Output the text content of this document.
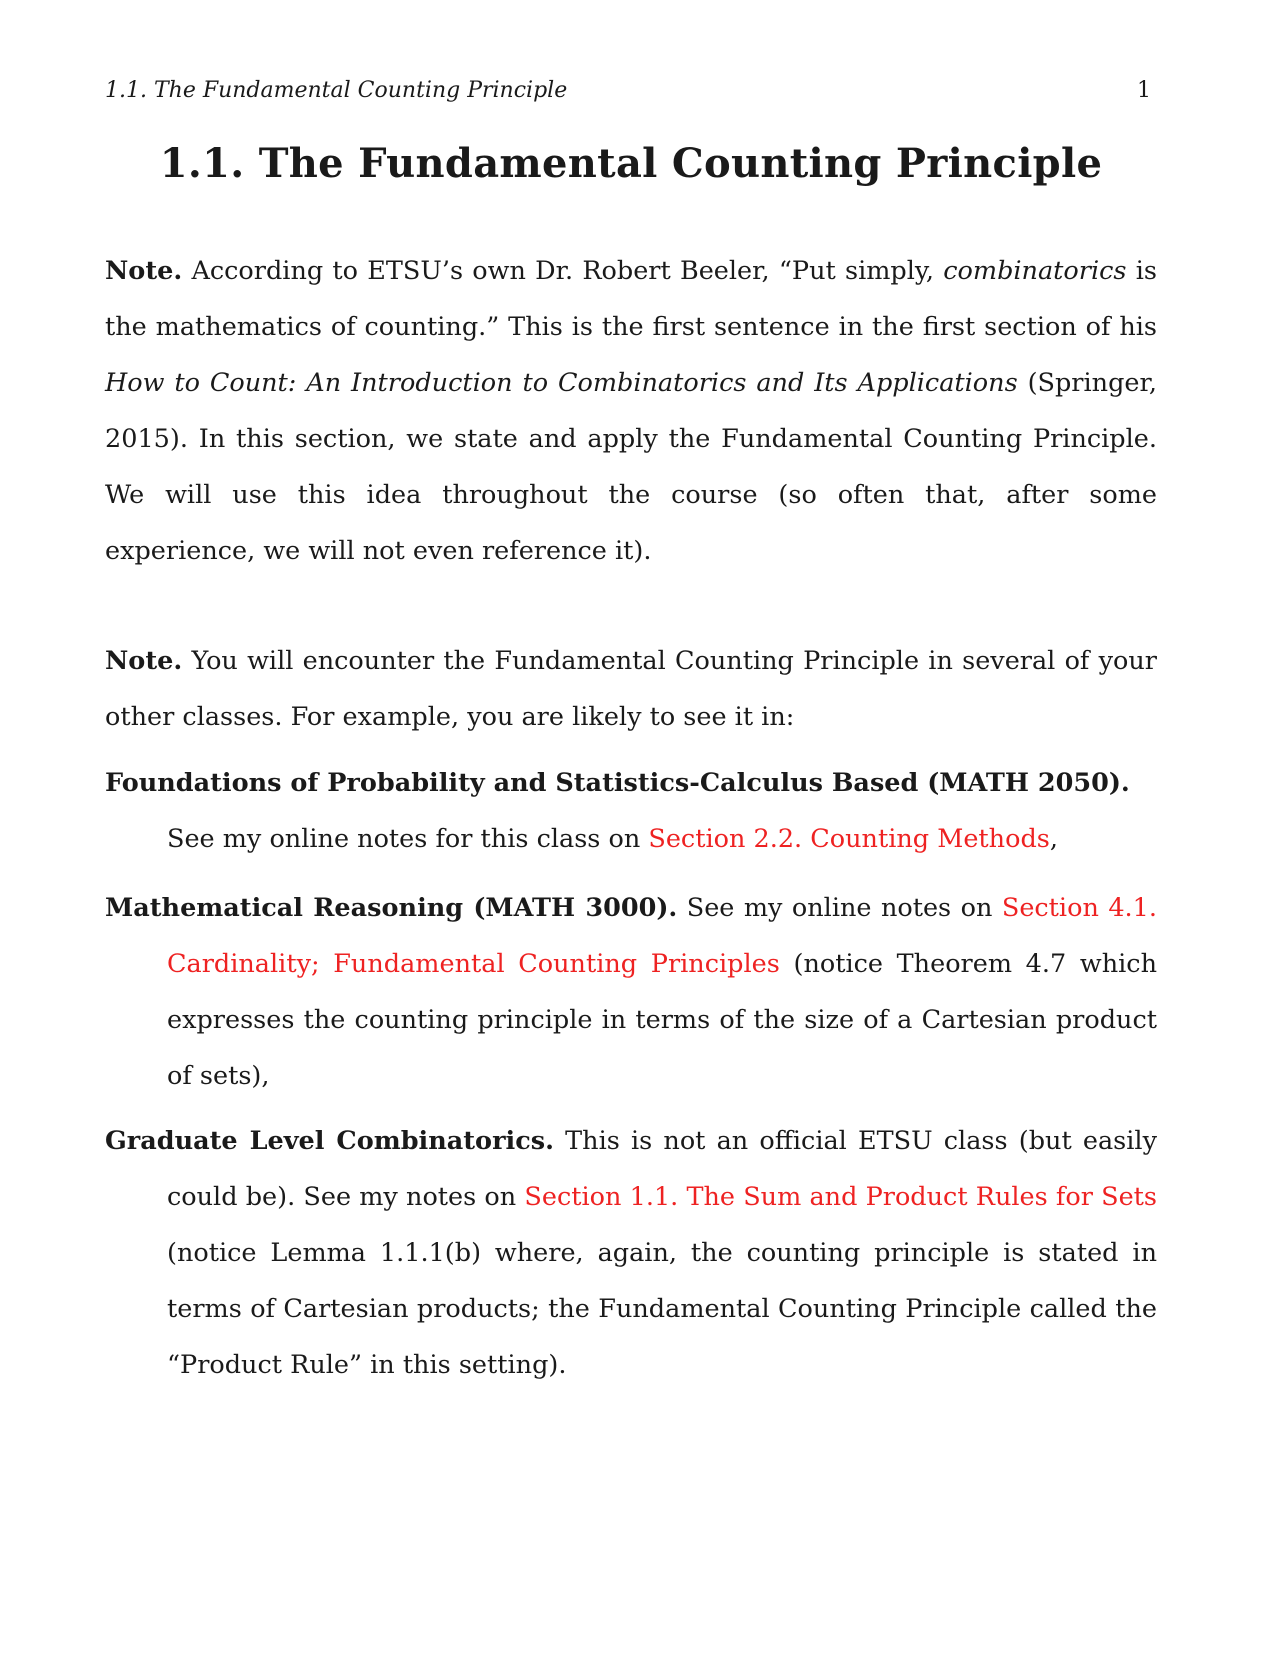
1.1. The Fundamental Counting Principle	1
1.1. The Fundamental Counting Principle

Note. According to ETSU’s own Dr. Robert Beeler, “Put simply, combinatorics is the mathematics of counting.” This is the first sentence in the first section of his How to Count: An Introduction to Combinatorics and Its Applications (Springer, 2015). In this section, we state and apply the Fundamental Counting Principle. We will use this idea throughout the course (so often that, after some experience, we will not even reference it).

Note. You will encounter the Fundamental Counting Principle in several of your other classes. For example, you are likely to see it in:

Foundations of Probability and Statistics-Calculus Based (MATH 2050).
See my online notes for this class on Section 2.2. Counting Methods,
Mathematical Reasoning (MATH 3000). See my online notes on Section 4.1. Cardinality; Fundamental Counting Principles (notice Theorem 4.7 which expresses the counting principle in terms of the size of a Cartesian product of sets),
Graduate Level Combinatorics. This is not an official ETSU class (but easily could be). See my notes on Section 1.1. The Sum and Product Rules for Sets (notice Lemma 1.1.1(b) where, again, the counting principle is stated in terms of Cartesian products; the Fundamental Counting Principle called the “Product Rule” in this setting).
